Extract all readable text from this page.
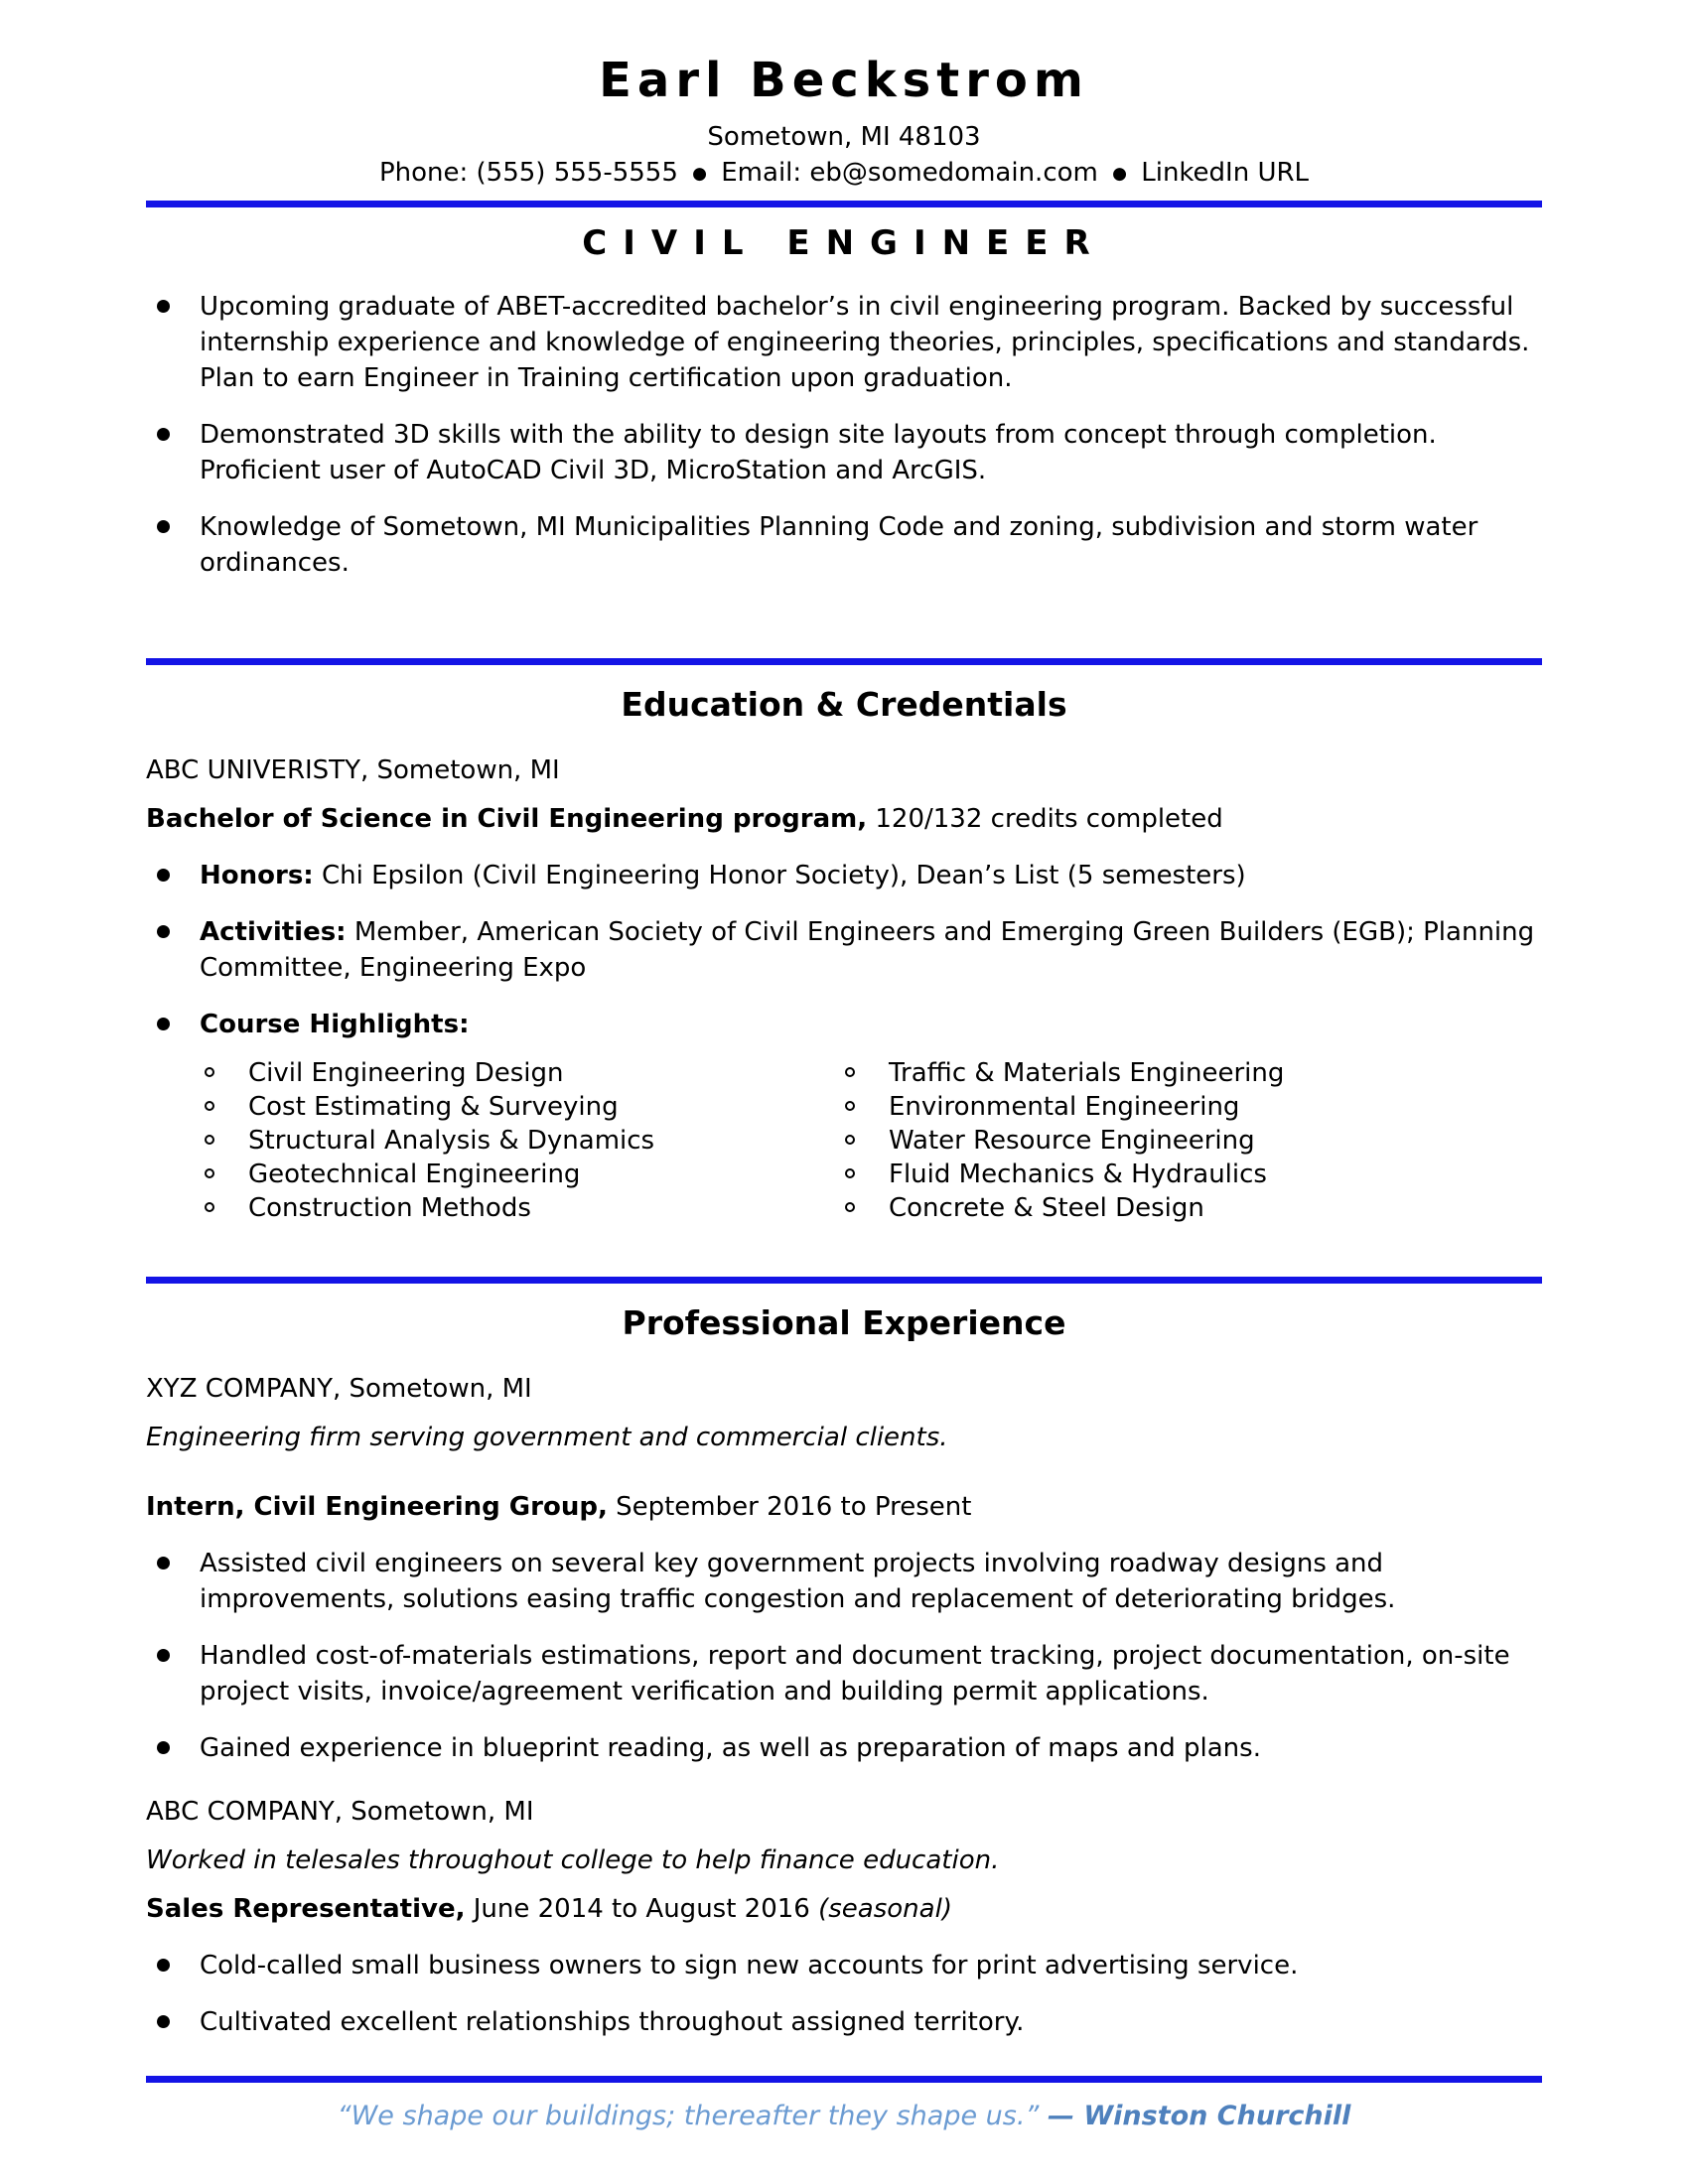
Earl Beckstrom
Sometown, MI 48103
Phone: (555) 555-5555 ● Email: eb@somedomain.com ● LinkedIn URL
CIVIL ENGINEER

Upcoming graduate of ABET-accredited bachelor’s in civil engineering program. Backed by successful internship experience and knowledge of engineering theories, principles, specifications and standards. Plan to earn Engineer in Training certification upon graduation.

Demonstrated 3D skills with the ability to design site layouts from concept through completion. Proficient user of AutoCAD Civil 3D, MicroStation and ArcGIS.

Knowledge of Sometown, MI Municipalities Planning Code and zoning, subdivision and storm water ordinances.

Education & Credentials

ABC UNIVERISTY, Sometown, MI

Bachelor of Science in Civil Engineering program, 120/132 credits completed

Honors: Chi Epsilon (Civil Engineering Honor Society), Dean’s List (5 semesters)

Activities: Member, American Society of Civil Engineers and Emerging Green Builders (EGB); Planning Committee, Engineering Expo

Course Highlights:

Civil Engineering Design
Cost Estimating & Surveying
Structural Analysis & Dynamics
Geotechnical Engineering
Construction Methods
Traffic & Materials Engineering
Environmental Engineering
Water Resource Engineering
Fluid Mechanics & Hydraulics
Concrete & Steel Design
Professional Experience

XYZ COMPANY, Sometown, MI

Engineering firm serving government and commercial clients.

Intern, Civil Engineering Group, September 2016 to Present

Assisted civil engineers on several key government projects involving roadway designs and improvements, solutions easing traffic congestion and replacement of deteriorating bridges.

Handled cost-of-materials estimations, report and document tracking, project documentation, on-site project visits, invoice/agreement verification and building permit applications.

Gained experience in blueprint reading, as well as preparation of maps and plans.

ABC COMPANY, Sometown, MI

Worked in telesales throughout college to help finance education.

Sales Representative, June 2014 to August 2016 (seasonal)

Cold-called small business owners to sign new accounts for print advertising service.

Cultivated excellent relationships throughout assigned territory.

“We shape our buildings; thereafter they shape us.” — Winston Churchill
